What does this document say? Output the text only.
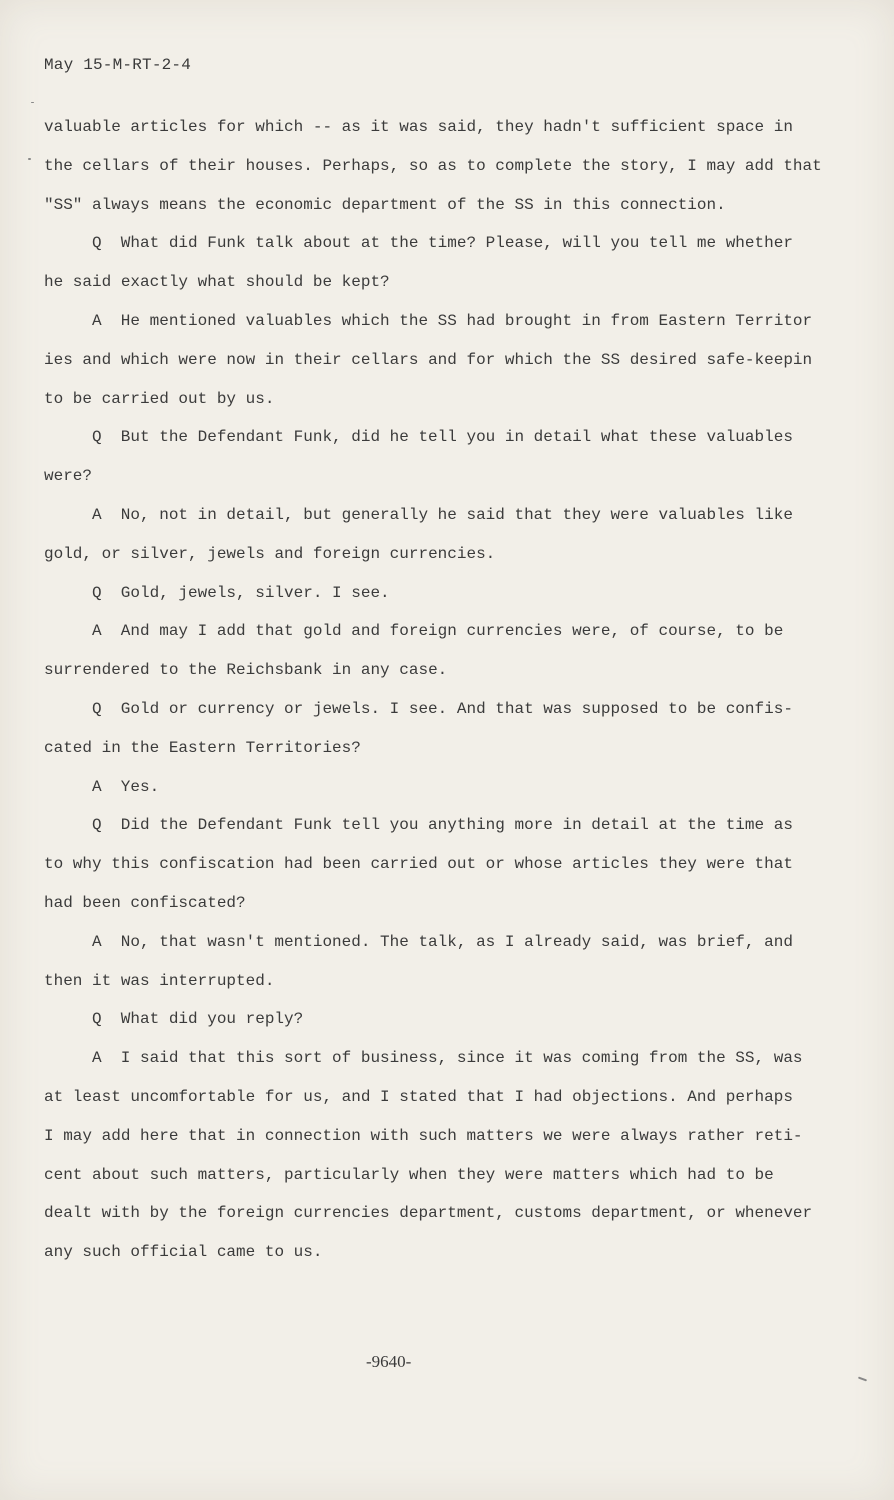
May 15-M-RT-2-4
valuable articles for which -- as it was said, they hadn't sufficient space in
the cellars of their houses. Perhaps, so as to complete the story, I may add that
"SS" always means the economic department of the SS in this connection.
Q  What did Funk talk about at the time? Please, will you tell me whether
he said exactly what should be kept?
A  He mentioned valuables which the SS had brought in from Eastern Territor
ies and which were now in their cellars and for which the SS desired safe-keepin
to be carried out by us.
Q  But the Defendant Funk, did he tell you in detail what these valuables
were?
A  No, not in detail, but generally he said that they were valuables like
gold, or silver, jewels and foreign currencies.
Q  Gold, jewels, silver. I see.
A  And may I add that gold and foreign currencies were, of course, to be
surrendered to the Reichsbank in any case.
Q  Gold or currency or jewels. I see. And that was supposed to be confis-
cated in the Eastern Territories?
A  Yes.
Q  Did the Defendant Funk tell you anything more in detail at the time as
to why this confiscation had been carried out or whose articles they were that
had been confiscated?
A  No, that wasn't mentioned. The talk, as I already said, was brief, and
then it was interrupted.
Q  What did you reply?
A  I said that this sort of business, since it was coming from the SS, was
at least uncomfortable for us, and I stated that I had objections. And perhaps
I may add here that in connection with such matters we were always rather reti-
cent about such matters, particularly when they were matters which had to be
dealt with by the foreign currencies department, customs department, or whenever
any such official came to us.
-9640-
